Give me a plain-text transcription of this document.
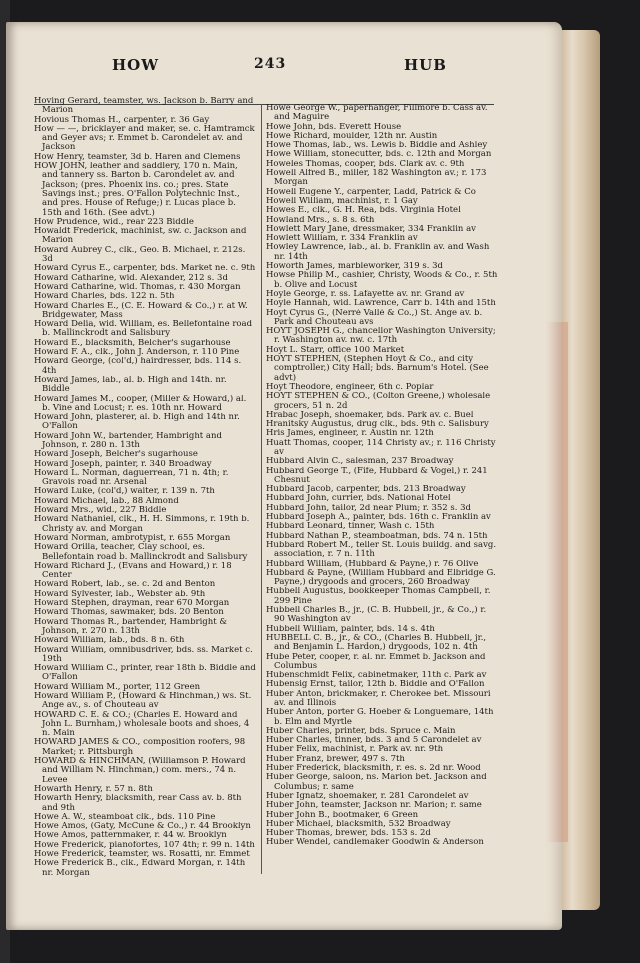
HOW	243	HUB

Hoving Gerard, teamster, ws. Jackson b. Barry and Marion

Hovious Thomas H., carpenter, r. 36 Gay

How — —, bricklayer and maker, se. c. Hamtramck and Geyer avs; r. Emmet b. Carondelet av. and Jackson

How Henry, teamster, 3d b. Haren and Clemens

HOW JOHN, leather and saddlery, 170 n. Main, and tannery ss. Barton b. Carondelet av. and Jackson; (pres. Phoenix ins. co.; pres. State Savings inst.; pres. O'Fallon Polytechnic Inst., and pres. House of Refuge;) r. Lucas place b. 15th and 16th. (See advt.)

How Prudence, wid., rear 223 Biddle

Howaldt Frederick, machinist, sw. c. Jackson and Marion

Howard Aubrey C., clk., Geo. B. Michael, r. 212s. 3d

Howard Cyrus E., carpenter, bds. Market ne. c. 9th

Howard Catharine, wid. Alexander, 212 s. 3d

Howard Catharine, wid. Thomas, r. 430 Morgan

Howard Charles, bds. 122 n. 5th

Howard Charles E., (C. E. Howard & Co.,) r. at W. Bridgewater, Mass

Howard Delia, wid. William, es. Bellefontaine road b. Mallinckrodt and Salisbury

Howard E., blacksmith, Belcher's sugarhouse

Howard F. A., clk., John J. Anderson, r. 110 Pine

Howard George, (col'd,) hairdresser, bds. 114 s. 4th

Howard James, lab., al. b. High and 14th. nr. Biddle

Howard James M., cooper, (Miller & Howard,) al. b. Vine and Locust; r. es. 10th nr. Howard

Howard John, plasterer, al. b. High and 14th nr. O'Fallon

Howard John W., bartender, Hambright and Johnson, r. 280 n. 13th

Howard Joseph, Belcher's sugarhouse

Howard Joseph, painter, r. 340 Broadway

Howard L. Norman, daguerrean, 71 n. 4th; r. Gravois road nr. Arsenal

Howard Luke, (col'd,) waiter, r. 139 n. 7th

Howard Michael, lab., 88 Almond

Howard Mrs., wid., 227 Biddle

Howard Nathaniel, clk., H. H. Simmons, r. 19th b. Christy av. and Morgan

Howard Norman, ambrotypist, r. 655 Morgan

Howard Orilla, teacher, Clay school, es. Bellefontain road b. Mallinckrodt and Salisbury

Howard Richard J., (Evans and Howard,) r. 18 Center

Howard Robert, lab., se. c. 2d and Benton

Howard Sylvester, lab., Webster ab. 9th

Howard Stephen, drayman, rear 670 Morgan

Howard Thomas, sawmaker, bds. 20 Benton

Howard Thomas R., bartender, Hambright & Johnson, r. 270 n. 13th

Howard William, lab., bds. 8 n. 6th

Howard William, omnibusdriver, bds. ss. Market c. 19th

Howard William C., printer, rear 18th b. Biddle and O'Fallon

Howard William M., porter, 112 Green

Howard William P., (Howard & Hinchman,) ws. St. Ange av., s. of Chouteau av

HOWARD C. E. & CO.; (Charles E. Howard and John L. Burnham,) wholesale boots and shoes, 4 n. Main

HOWARD JAMES & CO., composition roofers, 98 Market; r. Pittsburgh

HOWARD & HINCHMAN, (Williamson P. Howard and William N. Hinchman,) com. mers., 74 n. Levee

Howarth Henry, r. 57 n. 8th

Howarth Henry, blacksmith, rear Cass av. b. 8th and 9th

Howe A. W., steamboat clk., bds. 110 Pine

Howe Amos, (Gaty, McCune & Co.,) r. 44 Brooklyn

Howe Amos, patternmaker, r. 44 w. Brooklyn

Howe Frederick, pianofortes, 107 4th; r. 99 n. 14th

Howe Frederick, teamster, ws. Rosatti, nr. Emmet

Howe Frederick B., clk., Edward Morgan, r. 14th nr. Morgan

Howe George W., paperhanger, Fillmore b. Cass av. and Maguire

Howe John, bds. Everett House

Howe Richard, moulder, 12th nr. Austin

Howe Thomas, lab., ws. Lewis b. Biddle and Ashley

Howe William, stonecutter, bds. c. 12th and Morgan

Howeles Thomas, cooper, bds. Clark av. c. 9th

Howell Alfred B., miller, 182 Washington av.; r. 173 Morgan

Howell Eugene Y., carpenter, Ladd, Patrick & Co

Howell William, machinist, r. 1 Gay

Howes E., clk., G. H. Rea, bds. Virginia Hotel

Howland Mrs., s. 8 s. 6th

Howlett Mary Jane, dressmaker, 334 Franklin av

Howlett William, r. 334 Franklin av

Howley Lawrence, lab., al. b. Franklin av. and Wash nr. 14th

Howorth James, marbleworker, 319 s. 3d

Howse Philip M., cashier, Christy, Woods & Co., r. 5th b. Olive and Locust

Hoyle George, r. ss. Lafayette av. nr. Grand av

Hoyle Hannah, wid. Lawrence, Carr b. 14th and 15th

Hoyt Cyrus G., (Nerré Vallé & Co.,) St. Ange av. b. Park and Chouteau avs

HOYT JOSEPH G., chancellor Washington University; r. Washington av. nw. c. 17th

Hoyt L. Starr, office 100 Market

HOYT STEPHEN, (Stephen Hoyt & Co., and city comptroller,) City Hall; bds. Barnum's Hotel. (See advt)

Hoyt Theodore, engineer, 6th c. Poplar

HOYT STEPHEN & CO., (Colton Greene,) wholesale grocers, 51 n. 2d

Hrabac Joseph, shoemaker, bds. Park av. c. Buel

Hranitsky Augustus, drug clk., bds. 9th c. Salisbury

Hris James, engineer, r. Austin nr. 12th

Huatt Thomas, cooper, 114 Christy av.; r. 116 Christy av

Hubbard Alvin C., salesman, 237 Broadway

Hubbard George T., (Fife, Hubbard & Vogel,) r. 241 Chesnut

Hubbard Jacob, carpenter, bds. 213 Broadway

Hubbard John, currier, bds. National Hotel

Hubbard John, tailor, 2d near Plum; r. 352 s. 3d

Hubbard Joseph A., painter, bds. 16th c. Franklin av

Hubbard Leonard, tinner, Wash c. 15th

Hubbard Nathan P., steamboatman, bds. 74 n. 15th

Hubbard Robert M., teller St. Louis buildg. and savg. association, r. 7 n. 11th

Hubbard William, (Hubbard & Payne,) r. 76 Olive

Hubbard & Payne, (William Hubbard and Elbridge G. Payne,) drygoods and grocers, 260 Broadway

Hubbell Augustus, bookkeeper Thomas Campbell, r. 299 Pine

Hubbell Charles B., jr., (C. B. Hubbell, jr., & Co.,) r. 90 Washington av

Hubbell William, painter, bds. 14 s. 4th

HUBBELL C. B., jr., & CO., (Charles B. Hubbell, jr., and Benjamin L. Hardon,) drygoods, 102 n. 4th

Hube Peter, cooper, r. al. nr. Emmet b. Jackson and Columbus

Hubenschmidt Felix, cabinetmaker, 11th c. Park av

Hubensig Ernst, tailor, 12th b. Biddle and O'Fallon

Huber Anton, brickmaker, r. Cherokee bet. Missouri av. and Illinois

Huber Anton, porter G. Hoeber & Longuemare, 14th b. Elm and Myrtle

Huber Charles, printer, bds. Spruce c. Main

Huber Charles, tinner, bds. 3 and 5 Carondelet av

Huber Felix, machinist, r. Park av. nr. 9th

Huber Franz, brewer, 497 s. 7th

Huber Frederick, blacksmith, r. es. s. 2d nr. Wood

Huber George, saloon, ns. Marion bet. Jackson and Columbus; r. same

Huber Ignatz, shoemaker, r. 281 Carondelet av

Huber John, teamster, Jackson nr. Marion; r. same

Huber John B., bootmaker, 6 Green

Huber Michael, blacksmith, 532 Broadway

Huber Thomas, brewer, bds. 153 s. 2d

Huber Wendel, candlemaker Goodwin & Anderson
